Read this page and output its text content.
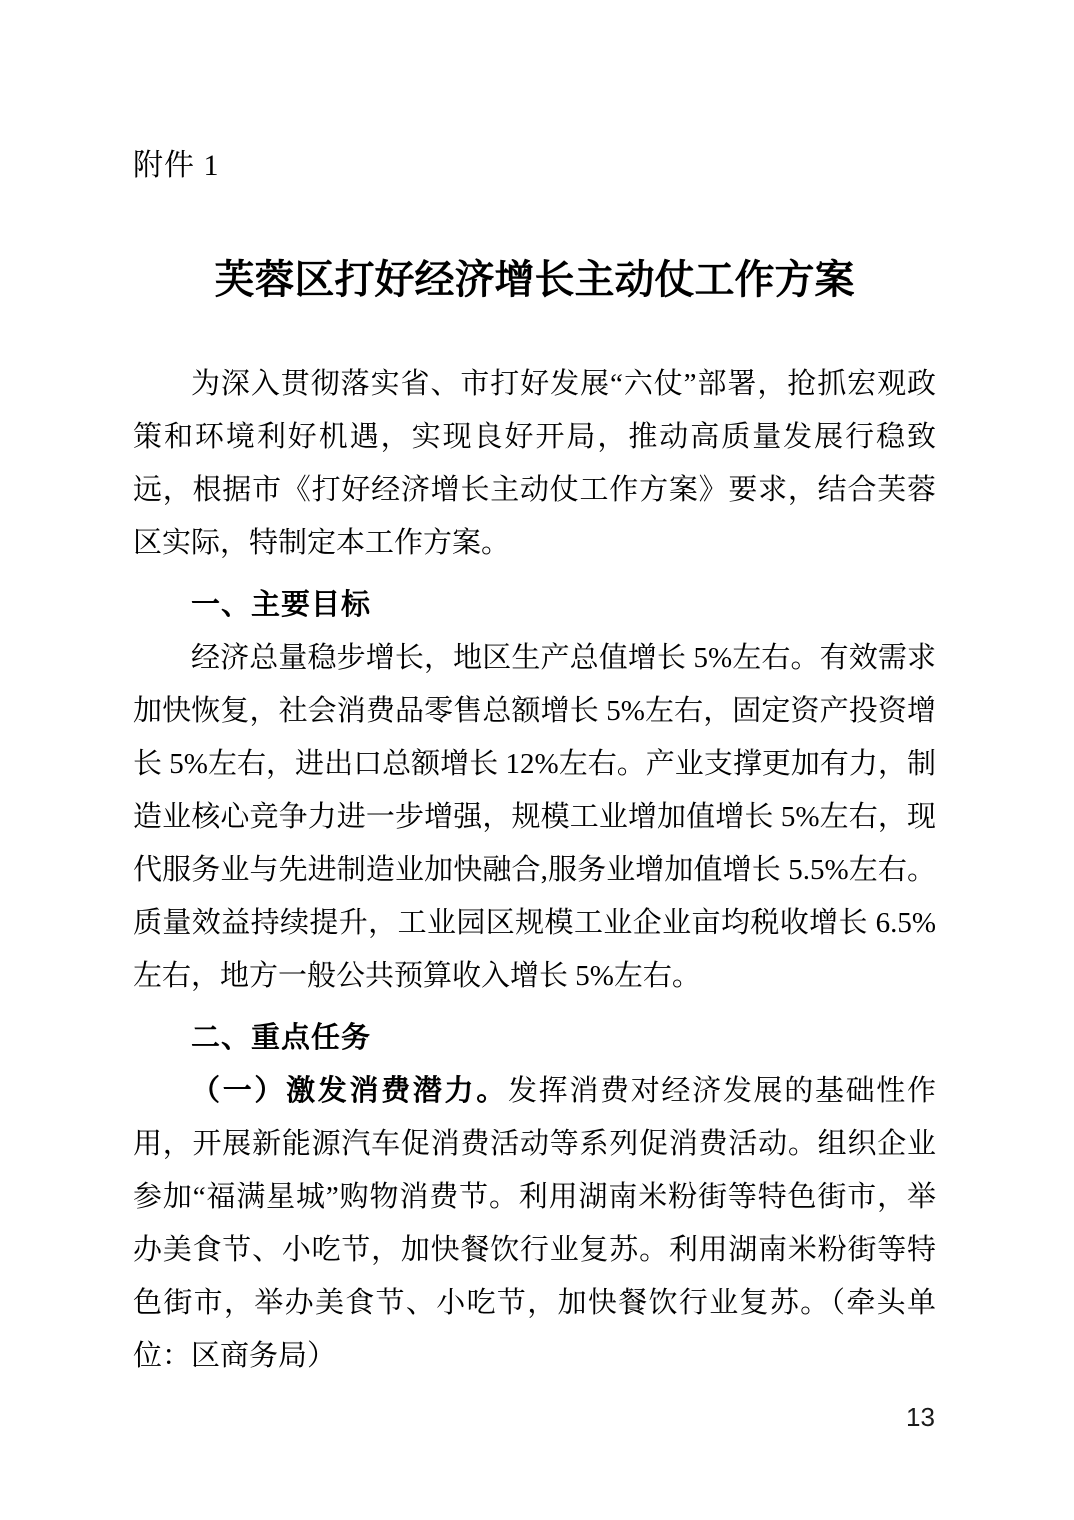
附件 1
芙蓉区打好经济增长主动仗工作方案

为深入贯彻落实省、市打好发展“六仗”部署，抢抓宏观政策和环境利好机遇，实现良好开局，推动高质量发展行稳致远，根据市《打好经济增长主动仗工作方案》要求，结合芙蓉区实际，特制定本工作方案。

一、主要目标

经济总量稳步增长，地区生产总值增长 5%左右。有效需求加快恢复，社会消费品零售总额增长 5%左右，固定资产投资增长 5%左右，进出口总额增长 12%左右。产业支撑更加有力，制造业核心竞争力进一步增强，规模工业增加值增长 5%左右，现代服务业与先进制造业加快融合,服务业增加值增长 5.5%左右。质量效益持续提升，工业园区规模工业企业亩均税收增长 6.5%左右，地方一般公共预算收入增长 5%左右。

二、重点任务

（一）激发消费潜力。发挥消费对经济发展的基础性作用，开展新能源汽车促消费活动等系列促消费活动。组织企业参加“福满星城”购物消费节。利用湖南米粉街等特色街市，举办美食节、小吃节，加快餐饮行业复苏。利用湖南米粉街等特色街市，举办美食节、小吃节，加快餐饮行业复苏。（牵头单位：区商务局）

13
